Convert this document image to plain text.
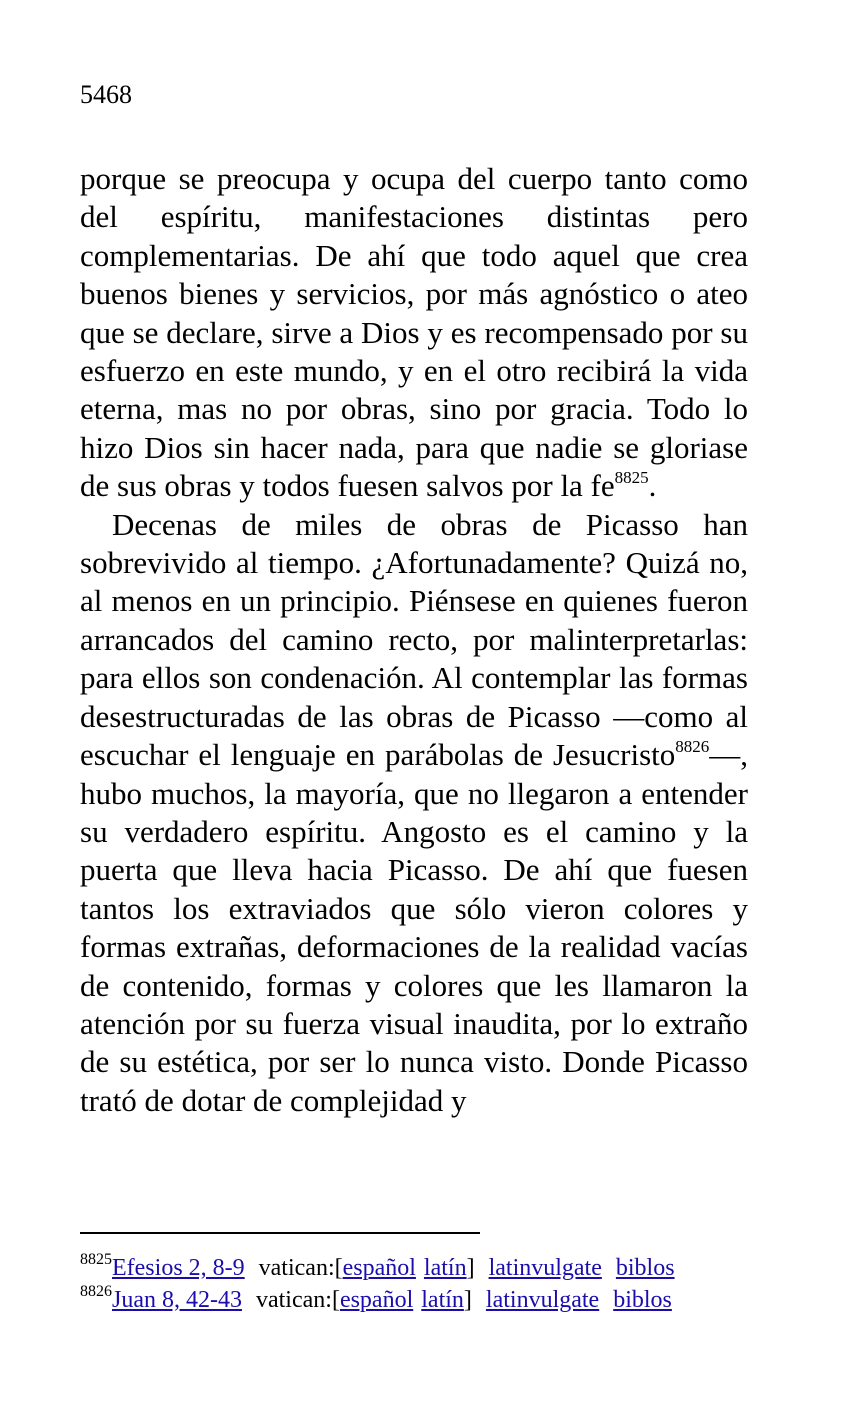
5468

porque se preocupa y ocupa del cuerpo tanto como del espíritu, manifestaciones distintas pero complementarias. De ahí que todo aquel que crea buenos bienes y servicios, por más agnóstico o ateo que se declare, sirve a Dios y es recompensado por su esfuerzo en este mundo, y en el otro recibirá la vida eterna, mas no por obras, sino por gracia. Todo lo hizo Dios sin hacer nada, para que nadie se gloriase de sus obras y todos fuesen salvos por la $fe^{8825}$.

Decenas de miles de obras de Picasso han sobrevivido al tiempo. ¿Afortunadamente? Quizá no, al menos en un principio. Piénsese en quienes fueron arrancados del camino recto, por malinterpretarlas: para ellos son condenación. Al contemplar las formas desestructuradas de las obras de Picasso ―como al escuchar el lenguaje en parábolas de Jesucristo$^{8826}$―, hubo muchos, la mayoría, que no llegaron a entender su verdadero espíritu. Angosto es el camino y la puerta que lleva hacia Picasso. De ahí que fuesen tantos los extraviados que sólo vieron colores y formas extrañas, deformaciones de la realidad vacías de contenido, formas y colores que les llamaron la atención por su fuerza visual inaudita, por lo extraño de su estética, por ser lo nunca visto. Donde Picasso trató de dotar de complejidad y

$^{8825}$Efesios 2, 8-9 vatican:[español latín] latinvulgate biblos
$^{8826}$Juan 8, 42-43 vatican:[español latín] latinvulgate biblos
